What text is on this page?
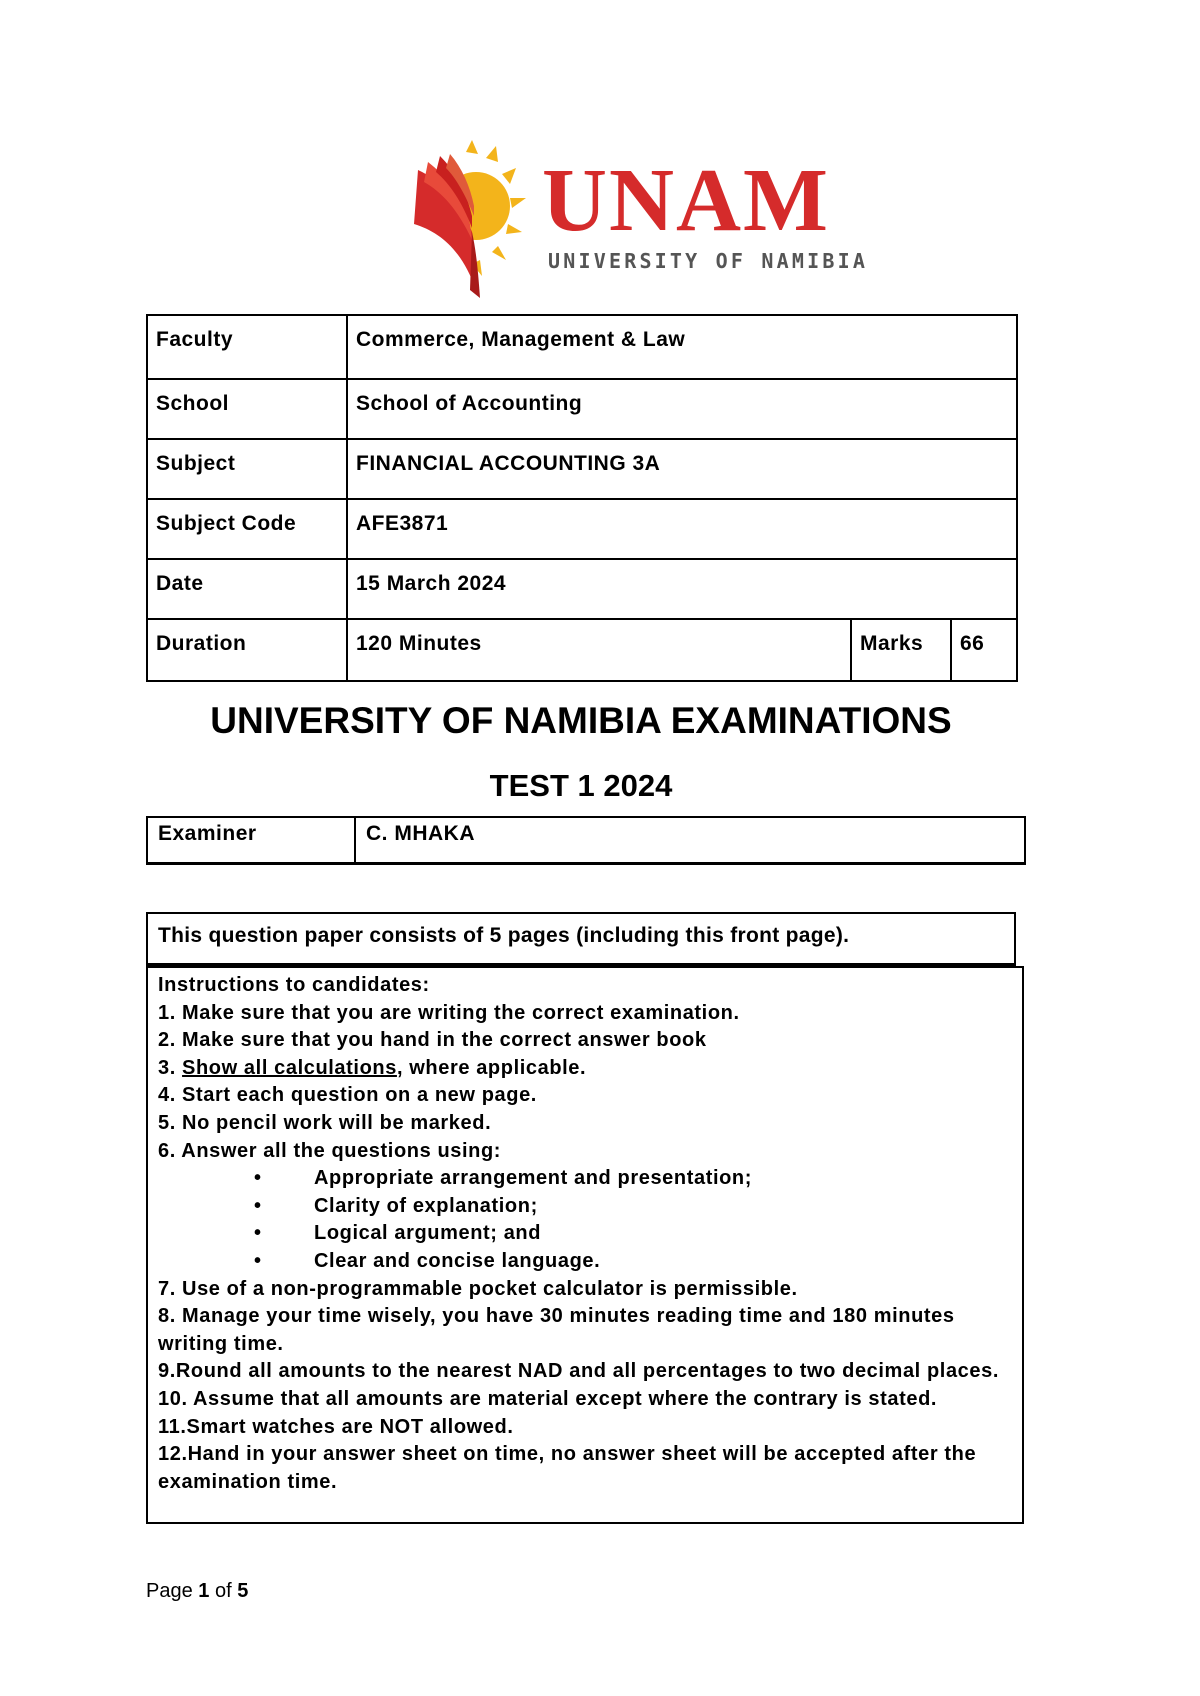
UNAM
UNIVERSITY OF NAMIBIA
Faculty	Commerce, Management & Law		
School	School of Accounting		
Subject	FINANCIAL ACCOUNTING 3A		
Subject Code	AFE3871		
Date	15 March 2024		
Duration	120 Minutes	Marks	66
UNIVERSITY OF NAMIBIA EXAMINATIONS
TEST 1 2024
Examiner	C. MHAKA
This question paper consists of 5 pages (including this front page).
Instructions to candidates:
1. Make sure that you are writing the correct examination.
2. Make sure that you hand in the correct answer book
3. Show all calculations, where applicable.
4. Start each question on a new page.
5. No pencil work will be marked.
6. Answer all the questions using:
•	Appropriate arrangement and presentation;
•	Clarity of explanation;
•	Logical argument; and
•	Clear and concise language.
7. Use of a non-programmable pocket calculator is permissible.
8. Manage your time wisely, you have 30 minutes reading time and 180 minutes writing time.
9.Round all amounts to the nearest NAD and all percentages to two decimal places.
10. Assume that all amounts are material except where the contrary is stated.
11.Smart watches are NOT allowed.
12.Hand in your answer sheet on time, no answer sheet will be accepted after the examination time.
Page 1 of 5
